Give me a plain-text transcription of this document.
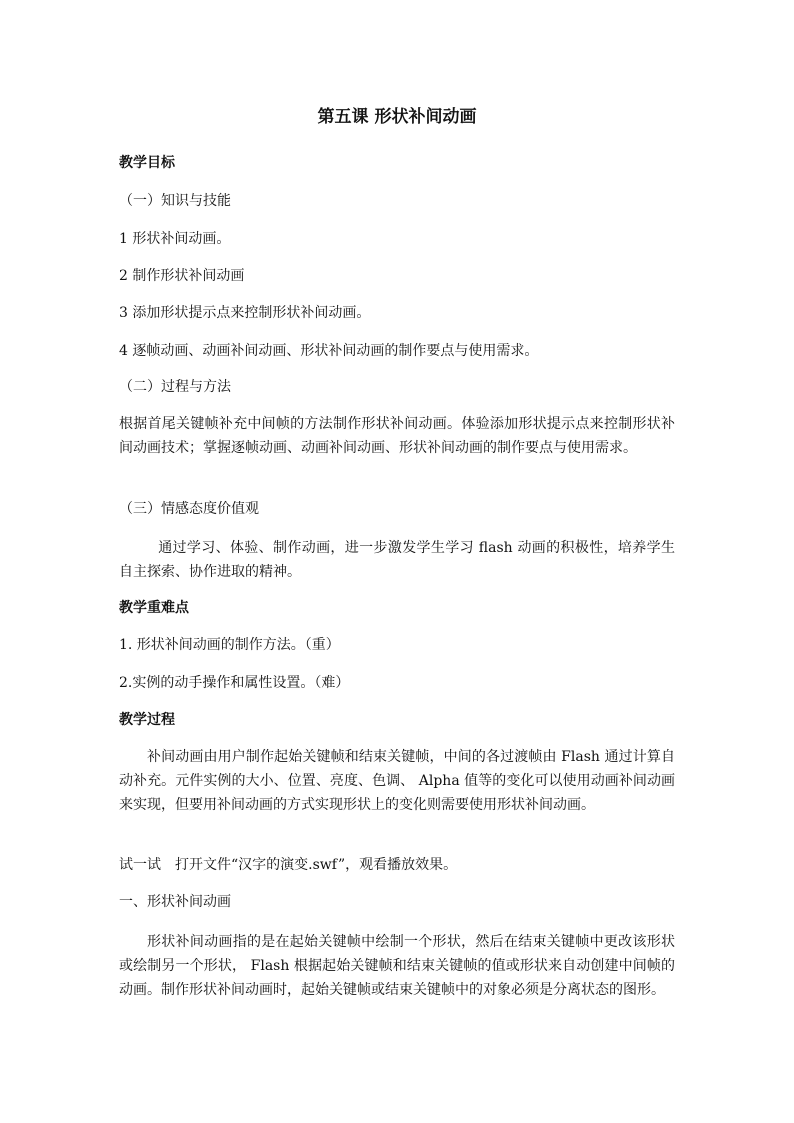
第五课 形状补间动画
教学目标
（一）知识与技能
1 形状补间动画。
2 制作形状补间动画
3 添加形状提示点来控制形状补间动画。
4 逐帧动画、动画补间动画、形状补间动画的制作要点与使用需求。
（二）过程与方法
根据首尾关键帧补充中间帧的方法制作形状补间动画。体验添加形状提示点来控制形状补间动画技术；掌握逐帧动画、动画补间动画、形状补间动画的制作要点与使用需求。
（三）情感态度价值观
通过学习、体验、制作动画，进一步激发学生学习 flash 动画的积极性，培养学生自主探索、协作进取的精神。
教学重难点
1. 形状补间动画的制作方法。（重）
2.实例的动手操作和属性设置。（难）
教学过程
补间动画由用户制作起始关键帧和结束关键帧，中间的各过渡帧由 Flash 通过计算自动补充。元件实例的大小、位置、亮度、色调、 Alpha 值等的变化可以使用动画补间动画来实现，但要用补间动画的方式实现形状上的变化则需要使用形状补间动画。
试一试　打开文件“汉字的演变.swf”，观看播放效果。
一、形状补间动画
形状补间动画指的是在起始关键帧中绘制一个形状，然后在结束关键帧中更改该形状或绘制另一个形状， Flash 根据起始关键帧和结束关键帧的值或形状来自动创建中间帧的动画。制作形状补间动画时，起始关键帧或结束关键帧中的对象必须是分离状态的图形。
